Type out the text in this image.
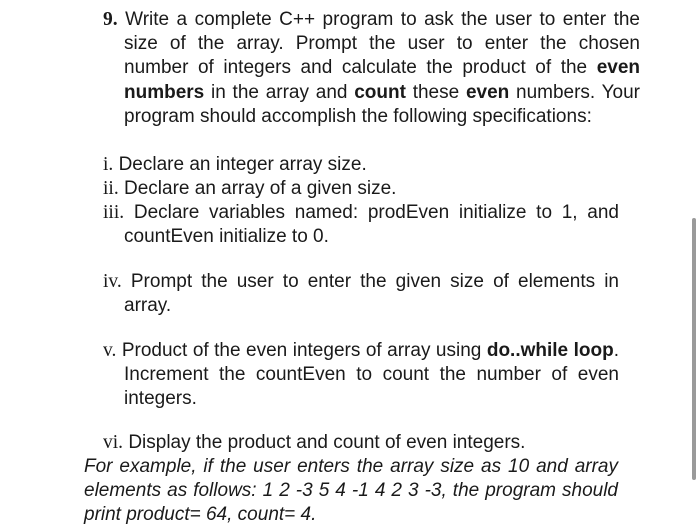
9. Write a complete C++ program to ask the user to enter the size of the array. Prompt the user to enter the chosen number of integers and calculate the product of the even numbers in the array and count these even numbers. Your program should accomplish the following specifications:
i. Declare an integer array size.
ii. Declare an array of a given size.
iii. Declare variables named: prodEven initialize to 1, and countEven initialize to 0.
iv. Prompt the user to enter the given size of elements in array.
v. Product of the even integers of array using do..while loop. Increment the countEven to count the number of even integers.
vi. Display the product and count of even integers.
For example, if the user enters the array size as 10 and array elements as follows: 1 2 -3 5 4 -1 4 2 3 -3, the program should print product= 64, count= 4.
